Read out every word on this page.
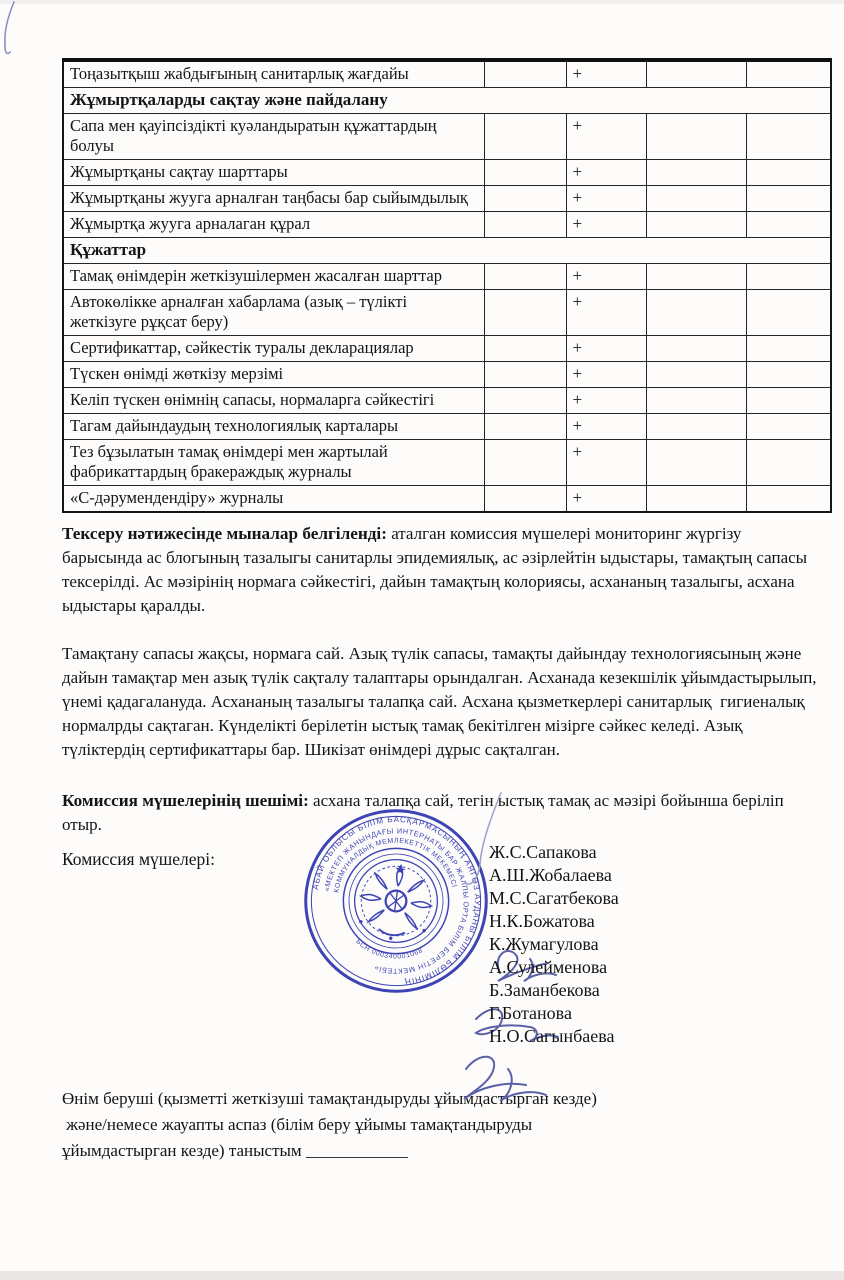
Тоңазытқыш жабдығының санитарлық жағдайы		+		
Жұмыртқаларды сақтау және пайдалану				
Сапа мен қауіпсіздікті куәландыратын құжаттардың болуы		+		
Жұмыртқаны сақтау шарттары		+		
Жұмыртқаны жууга арналған таңбасы бар сыйымдылық		+		
Жұмыртқа жууга арналаган құрал		+		
Құжаттар				
Тамақ өнімдерін жеткізушілермен жасалған шарттар		+		
Автокөлікке арналған хабарлама (азық – түлікті жеткізуге рұқсат беру)		+		
Сертификаттар, сәйкестік туралы декларациялар		+		
Түскен өнімді жөткізу мерзімі		+		
Келіп түскен өнімнің сапасы, нормаларга сәйкестігі		+		
Тагам дайындаудың технологиялық карталары		+		
Тез бұзылатын тамақ өнімдері мен жартылай фабрикаттардың бракераждық журналы		+		
«С-дәрумендендіру» журналы		+		
Тексеру нәтижесінде мыналар белгіленді: аталган комиссия мүшелері мониторинг жүргізу барысында ас блогының тазалыгы санитарлы эпидемиялық, ас әзірлейтін ыдыстары, тамақтың сапасы тексерілді. Ас мәзірінің нормага сәйкестігі, дайын тамақтың колориясы, асхананың тазалыгы, асхана ыдыстары қаралды.
Тамақтану сапасы жақсы, нормага сай. Азық түлік сапасы, тамақты дайындау технологиясының және дайын тамақтар мен азық түлік сақталу талаптары орындалган. Асханада кезекшілік ұйымдастырылып, үнемі қадагалануда. Асхананың тазалыгы талапқа сай. Асхана қызметкерлері санитарлық  гигиеналық нормалрды сақтаган. Күнделікті берілетін ыстық тамақ бекітілген мізірге сәйкес келеді. Азық түліктердің сертификаттары бар. Шикізат өнімдері дұрыс сақталган.
Комиссия мүшелерінің шешімі: асхана талапқа сай, тегін ыстық тамақ ас мәзірі бойынша беріліп отыр.
Комиссия мүшелері:
АБАЙ ОБЛЫСЫ БІЛІМ БАСҚАРМАСЫНЫҢ АЯГӨЗ АУДАНЫ БІЛІМ БӨЛІМІНІҢ
«МЕКТЕП ЖАНЫНДАҒЫ ИНТЕРНАТЫ БАР ЖАЛПЫ ОРТА БІЛІМ БЕРЕТІН МЕКТЕБІ»
КОММУНАЛДЫҚ МЕМЛЕКЕТТІК МЕКЕМЕСІ
БСН 000340001068
Ж.С.Сапакова
А.Ш.Жобалаева
М.С.Сагатбекова
Н.К.Божатова
К.Жумагулова
А.Сулейменова
Б.Заманбекова
Г.Ботанова
Н.О.Сагынбаева
Өнім беруші (қызметті жеткізуші тамақтандыруды ұйымдастырган кезде)
және/немесе жауапты аспаз (білім беру ұйымы тамақтандыруды
ұйымдастырган кезде) таныстым ____________
